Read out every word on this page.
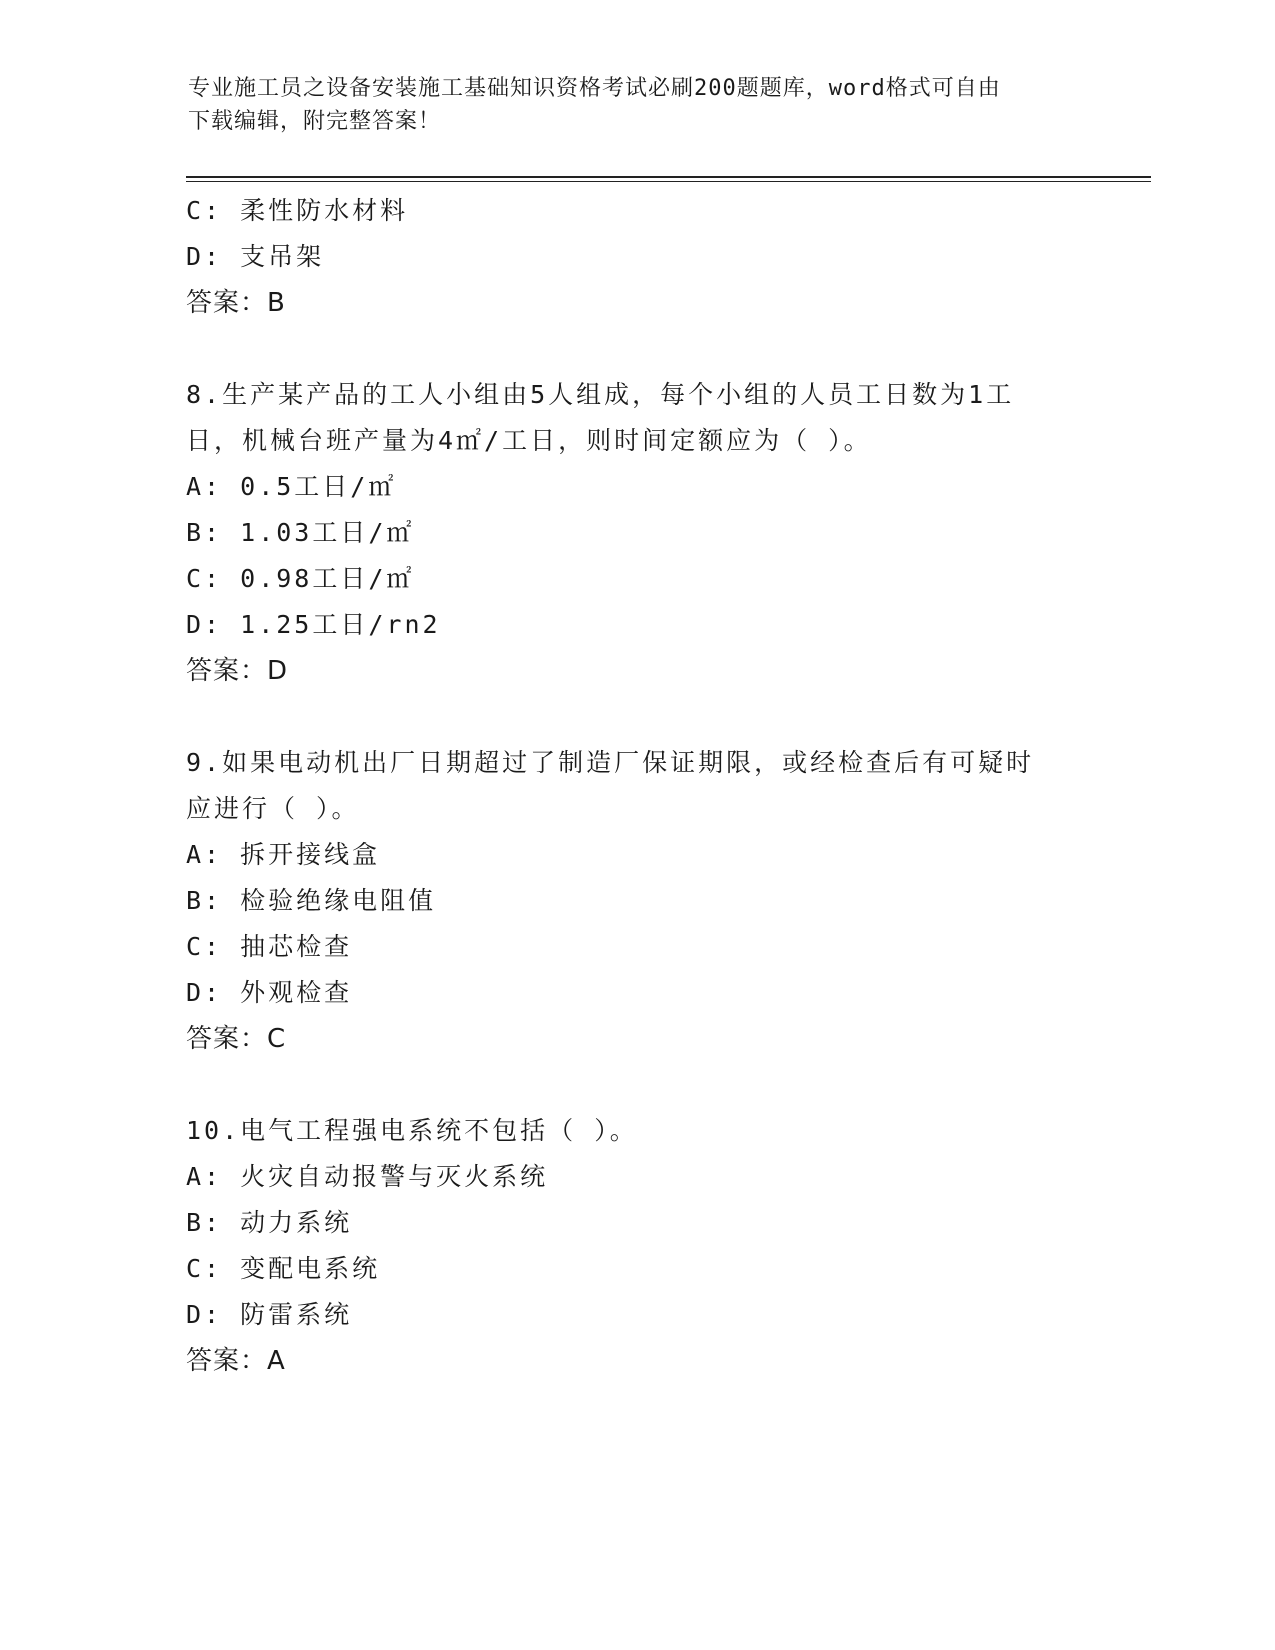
专业施工员之设备安装施工基础知识资格考试必刷200题题库，word格式可自由
下载编辑，附完整答案！
C: 柔性防水材料
D: 支吊架
答案：B
8.生产某产品的工人小组由5人组成，每个小组的人员工日数为1工
日，机械台班产量为4㎡/工日，则时间定额应为（ ）。
A: 0.5工日/㎡
B: 1.03工日/㎡
C: 0.98工日/㎡
D: 1.25工日/rn2
答案：D
9.如果电动机出厂日期超过了制造厂保证期限，或经检查后有可疑时
应进行（ ）。
A: 拆开接线盒
B: 检验绝缘电阻值
C: 抽芯检查
D: 外观检查
答案：C
10.电气工程强电系统不包括（ ）。
A: 火灾自动报警与灭火系统
B: 动力系统
C: 变配电系统
D: 防雷系统
答案：A
